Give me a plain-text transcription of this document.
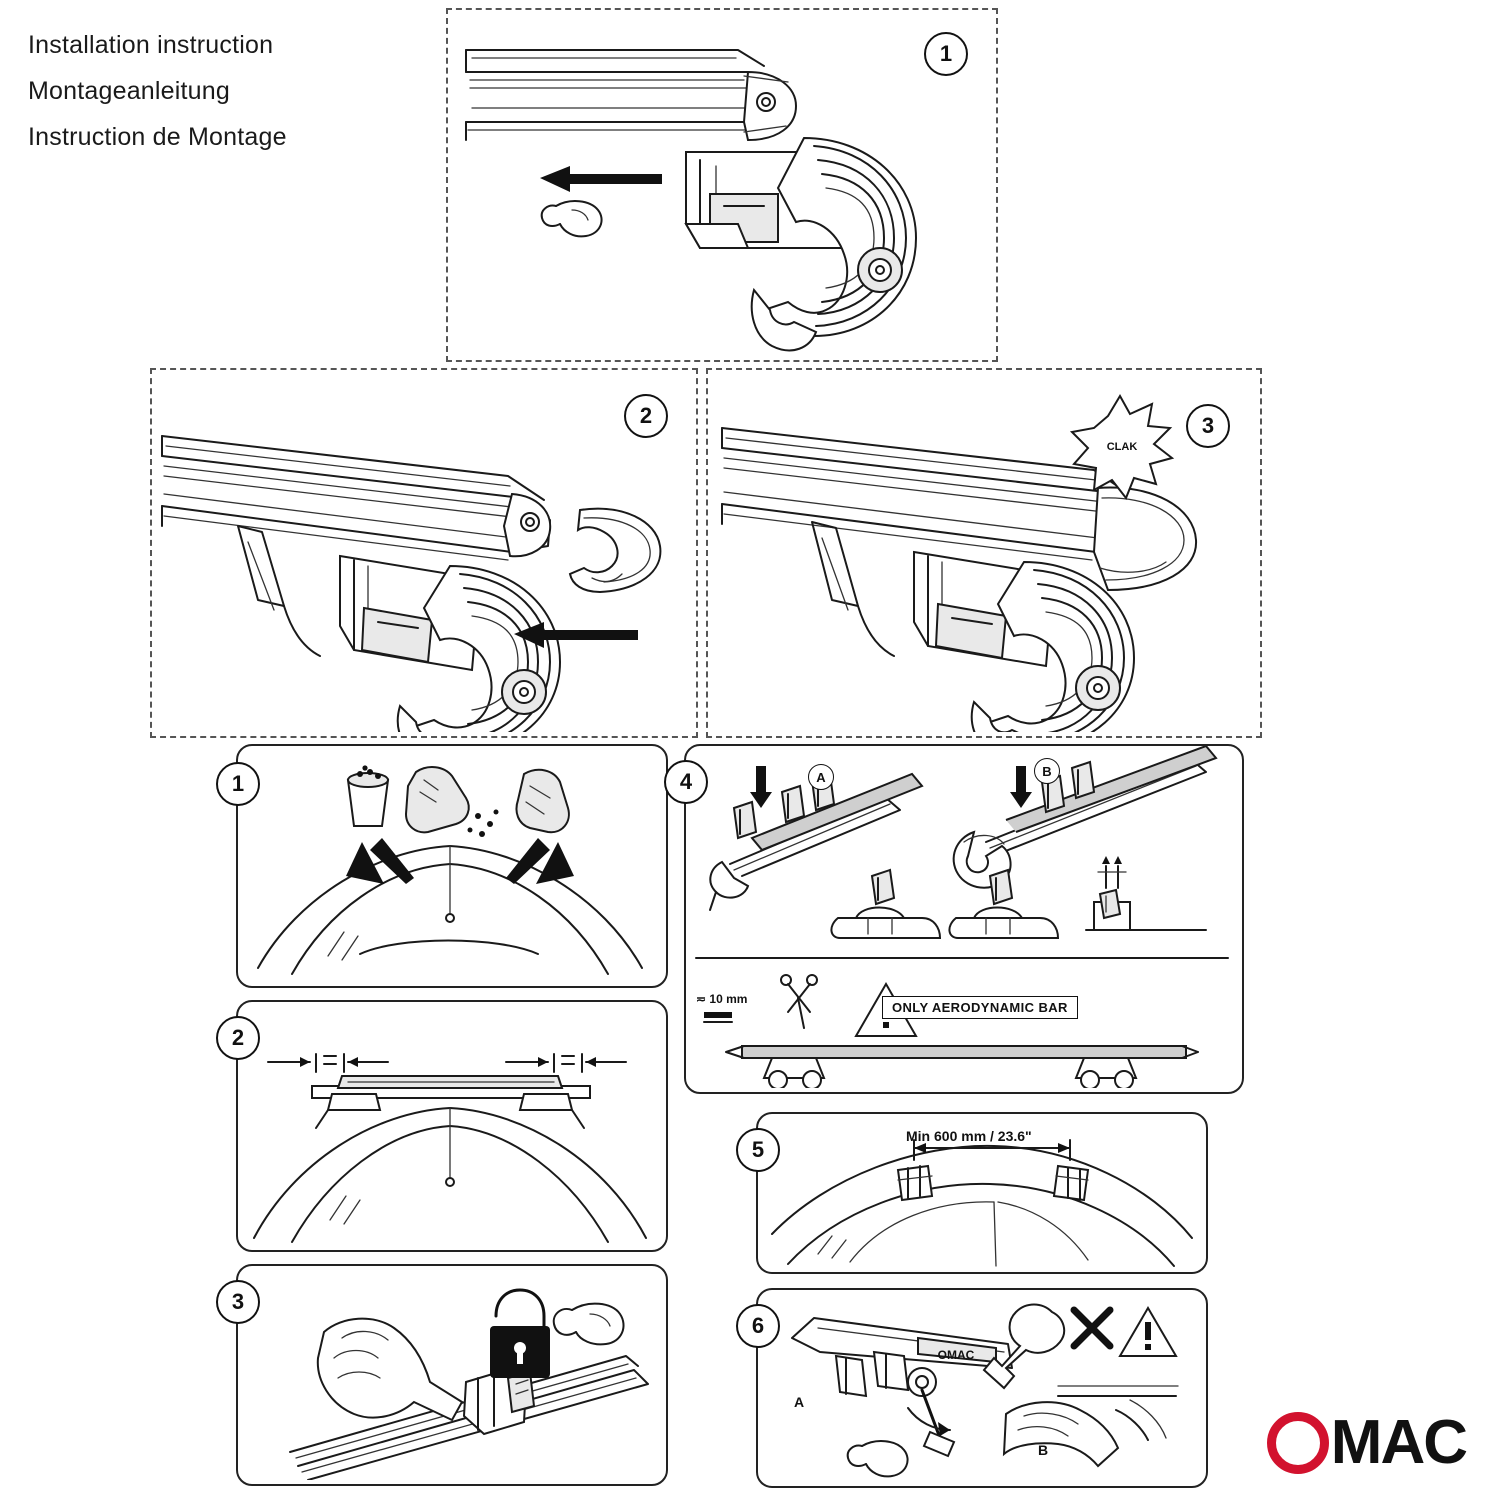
Installation instruction
Montageanleitung
Instruction de Montage
1
2
CLAK
3
1
2
3
4	A	B
≂ 10 mm
ONLY AERODYNAMIC BAR
5
Min 600 mm / 23.6"
OMAC
6
A
B	M AC
